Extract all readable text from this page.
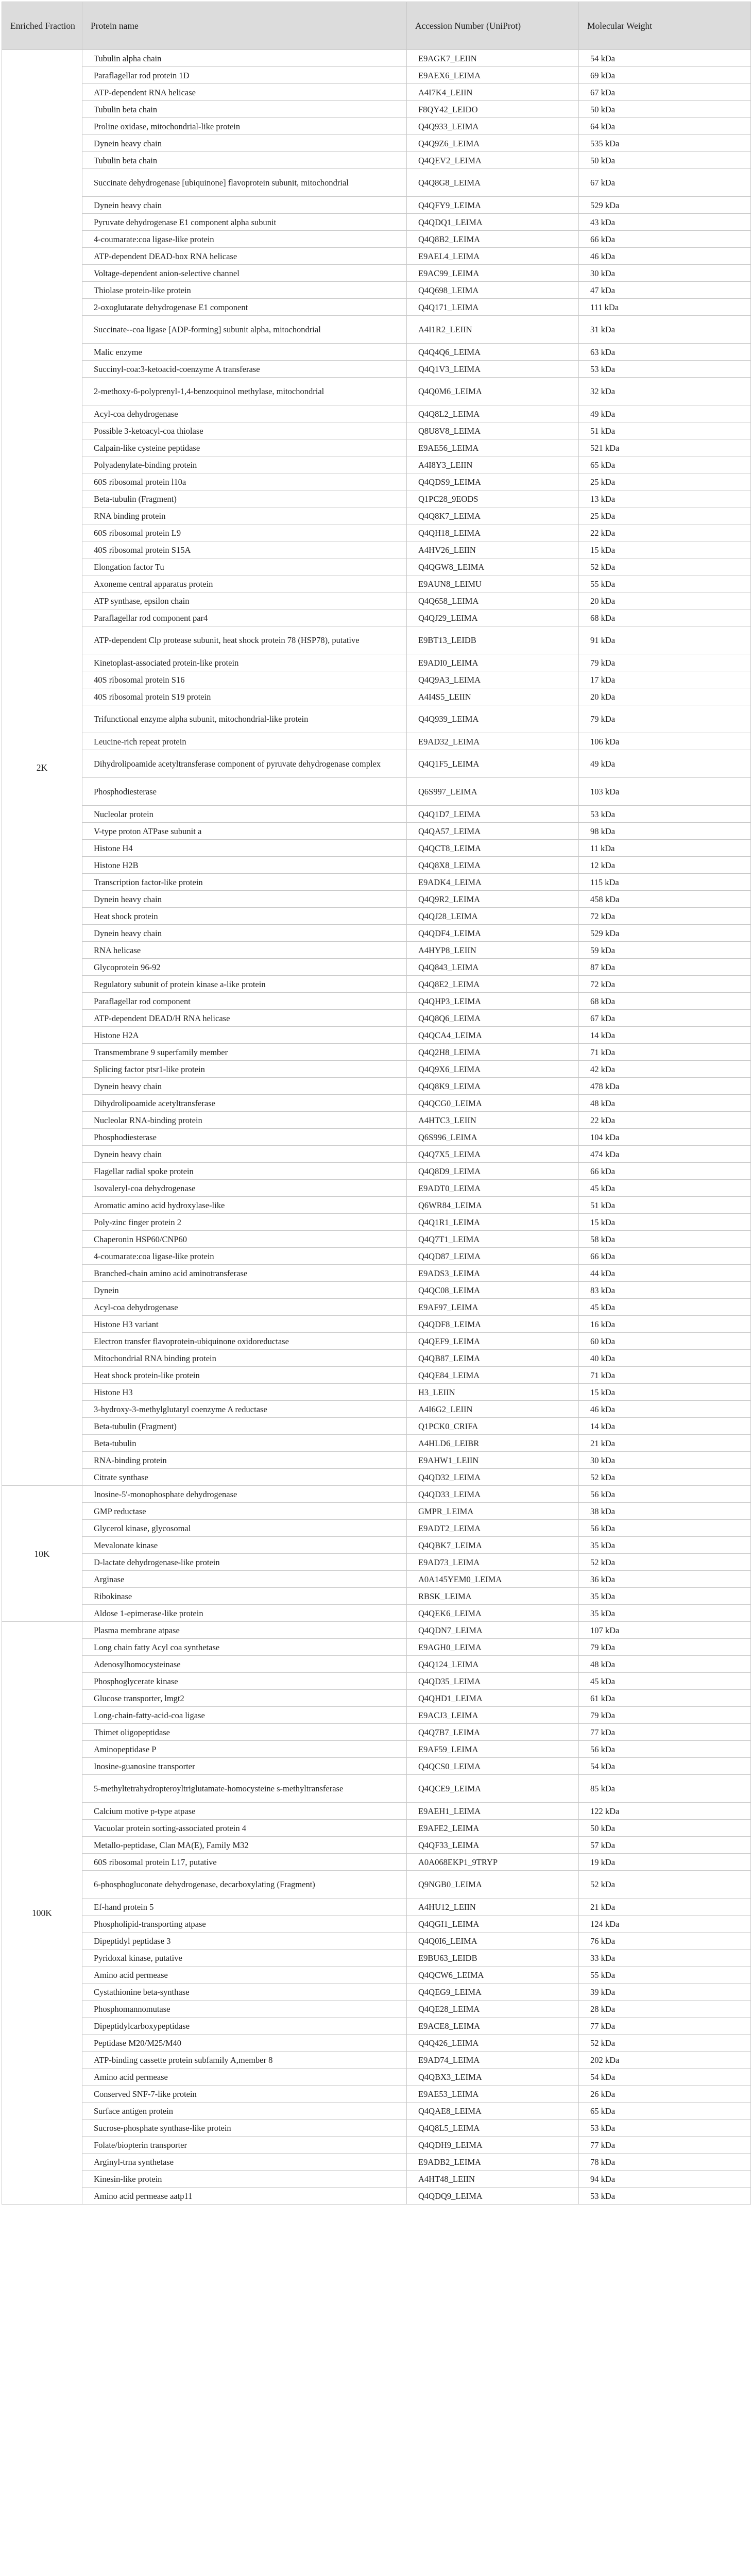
Enriched Fraction	Protein name	Accession Number (UniProt)	Molecular Weight
2K	Tubulin alpha chain	E9AGK7_LEIIN	54 kDa
	Paraflagellar rod protein 1D	E9AEX6_LEIMA	69 kDa
	ATP-dependent RNA helicase	A4I7K4_LEIIN	67 kDa
	Tubulin beta chain	F8QY42_LEIDO	50 kDa
	Proline oxidase, mitochondrial-like protein	Q4Q933_LEIMA	64 kDa
	Dynein heavy chain	Q4Q9Z6_LEIMA	535 kDa
	Tubulin beta chain	Q4QEV2_LEIMA	50 kDa
	Succinate dehydrogenase [ubiquinone] flavoprotein subunit, mitochondrial	Q4Q8G8_LEIMA	67 kDa
	Dynein heavy chain	Q4QFY9_LEIMA	529 kDa
	Pyruvate dehydrogenase E1 component alpha subunit	Q4QDQ1_LEIMA	43 kDa
	4-coumarate:coa ligase-like protein	Q4Q8B2_LEIMA	66 kDa
	ATP-dependent DEAD-box RNA helicase	E9AEL4_LEIMA	46 kDa
	Voltage-dependent anion-selective channel	E9AC99_LEIMA	30 kDa
	Thiolase protein-like protein	Q4Q698_LEIMA	47 kDa
	2-oxoglutarate dehydrogenase E1 component	Q4Q171_LEIMA	111 kDa
	Succinate--coa ligase [ADP-forming] subunit alpha, mitochondrial	A4I1R2_LEIIN	31 kDa
	Malic enzyme	Q4Q4Q6_LEIMA	63 kDa
	Succinyl-coa:3-ketoacid-coenzyme A transferase	Q4Q1V3_LEIMA	53 kDa
	2-methoxy-6-polyprenyl-1,4-benzoquinol methylase, mitochondrial	Q4Q0M6_LEIMA	32 kDa
	Acyl-coa dehydrogenase	Q4Q8L2_LEIMA	49 kDa
	Possible 3-ketoacyl-coa thiolase	Q8U8V8_LEIMA	51 kDa
	Calpain-like cysteine peptidase	E9AE56_LEIMA	521 kDa
	Polyadenylate-binding protein	A4I8Y3_LEIIN	65 kDa
	60S ribosomal protein l10a	Q4QDS9_LEIMA	25 kDa
	Beta-tubulin (Fragment)	Q1PC28_9EODS	13 kDa
	RNA binding protein	Q4Q8K7_LEIMA	25 kDa
	60S ribosomal protein L9	Q4QH18_LEIMA	22 kDa
	40S ribosomal protein S15A	A4HV26_LEIIN	15 kDa
	Elongation factor Tu	Q4QGW8_LEIMA	52 kDa
	Axoneme central apparatus protein	E9AUN8_LEIMU	55 kDa
	ATP synthase, epsilon chain	Q4Q658_LEIMA	20 kDa
	Paraflagellar rod component par4	Q4QJ29_LEIMA	68 kDa
	ATP-dependent Clp protease subunit, heat shock protein 78 (HSP78), putative	E9BT13_LEIDB	91 kDa
	Kinetoplast-associated protein-like protein	E9ADI0_LEIMA	79 kDa
	40S ribosomal protein S16	Q4Q9A3_LEIMA	17 kDa
	40S ribosomal protein S19 protein	A4I4S5_LEIIN	20 kDa
	Trifunctional enzyme alpha subunit, mitochondrial-like protein	Q4Q939_LEIMA	79 kDa
	Leucine-rich repeat protein	E9AD32_LEIMA	106 kDa
	Dihydrolipoamide acetyltransferase component of pyruvate dehydrogenase complex	Q4Q1F5_LEIMA	49 kDa
	Phosphodiesterase	Q6S997_LEIMA	103 kDa
	Nucleolar protein	Q4Q1D7_LEIMA	53 kDa
	V-type proton ATPase subunit a	Q4QA57_LEIMA	98 kDa
	Histone H4	Q4QCT8_LEIMA	11 kDa
	Histone H2B	Q4Q8X8_LEIMA	12 kDa
	Transcription factor-like protein	E9ADK4_LEIMA	115 kDa
	Dynein heavy chain	Q4Q9R2_LEIMA	458 kDa
	Heat shock protein	Q4QJ28_LEIMA	72 kDa
	Dynein heavy chain	Q4QDF4_LEIMA	529 kDa
	RNA helicase	A4HYP8_LEIIN	59 kDa
	Glycoprotein 96-92	Q4Q843_LEIMA	87 kDa
	Regulatory subunit of protein kinase a-like protein	Q4Q8E2_LEIMA	72 kDa
	Paraflagellar rod component	Q4QHP3_LEIMA	68 kDa
	ATP-dependent DEAD/H RNA helicase	Q4Q8Q6_LEIMA	67 kDa
	Histone H2A	Q4QCA4_LEIMA	14 kDa
	Transmembrane 9 superfamily member	Q4Q2H8_LEIMA	71 kDa
	Splicing factor ptsr1-like protein	Q4Q9X6_LEIMA	42 kDa
	Dynein heavy chain	Q4Q8K9_LEIMA	478 kDa
	Dihydrolipoamide acetyltransferase	Q4QCG0_LEIMA	48 kDa
	Nucleolar RNA-binding protein	A4HTC3_LEIIN	22 kDa
	Phosphodiesterase	Q6S996_LEIMA	104 kDa
	Dynein heavy chain	Q4Q7X5_LEIMA	474 kDa
	Flagellar radial spoke protein	Q4Q8D9_LEIMA	66 kDa
	Isovaleryl-coa dehydrogenase	E9ADT0_LEIMA	45 kDa
	Aromatic amino acid hydroxylase-like	Q6WR84_LEIMA	51 kDa
	Poly-zinc finger protein 2	Q4Q1R1_LEIMA	15 kDa
	Chaperonin HSP60/CNP60	Q4Q7T1_LEIMA	58 kDa
	4-coumarate:coa ligase-like protein	Q4QD87_LEIMA	66 kDa
	Branched-chain amino acid aminotransferase	E9ADS3_LEIMA	44 kDa
	Dynein	Q4QC08_LEIMA	83 kDa
	Acyl-coa dehydrogenase	E9AF97_LEIMA	45 kDa
	Histone H3 variant	Q4QDF8_LEIMA	16 kDa
	Electron transfer flavoprotein-ubiquinone oxidoreductase	Q4QEF9_LEIMA	60 kDa
	Mitochondrial RNA binding protein	Q4QB87_LEIMA	40 kDa
	Heat shock protein-like protein	Q4QE84_LEIMA	71 kDa
	Histone H3	H3_LEIIN	15 kDa
	3-hydroxy-3-methylglutaryl coenzyme A reductase	A4I6G2_LEIIN	46 kDa
	Beta-tubulin (Fragment)	Q1PCK0_CRIFA	14 kDa
	Beta-tubulin	A4HLD6_LEIBR	21 kDa
	RNA-binding protein	E9AHW1_LEIIN	30 kDa
	Citrate synthase	Q4QD32_LEIMA	52 kDa
10K	Inosine-5'-monophosphate dehydrogenase	Q4QD33_LEIMA	56 kDa
	GMP reductase	GMPR_LEIMA	38 kDa
	Glycerol kinase, glycosomal	E9ADT2_LEIMA	56 kDa
	Mevalonate kinase	Q4QBK7_LEIMA	35 kDa
	D-lactate dehydrogenase-like protein	E9AD73_LEIMA	52 kDa
	Arginase	A0A145YEM0_LEIMA	36 kDa
	Ribokinase	RBSK_LEIMA	35 kDa
	Aldose 1-epimerase-like protein	Q4QEK6_LEIMA	35 kDa
100K	Plasma membrane atpase	Q4QDN7_LEIMA	107 kDa
	Long chain fatty Acyl coa synthetase	E9AGH0_LEIMA	79 kDa
	Adenosylhomocysteinase	Q4Q124_LEIMA	48 kDa
	Phosphoglycerate kinase	Q4QD35_LEIMA	45 kDa
	Glucose transporter, lmgt2	Q4QHD1_LEIMA	61 kDa
	Long-chain-fatty-acid-coa ligase	E9ACJ3_LEIMA	79 kDa
	Thimet oligopeptidase	Q4Q7B7_LEIMA	77 kDa
	Aminopeptidase P	E9AF59_LEIMA	56 kDa
	Inosine-guanosine transporter	Q4QCS0_LEIMA	54 kDa
	5-methyltetrahydropteroyltriglutamate-homocysteine s-methyltransferase	Q4QCE9_LEIMA	85 kDa
	Calcium motive p-type atpase	E9AEH1_LEIMA	122 kDa
	Vacuolar protein sorting-associated protein 4	E9AFE2_LEIMA	50 kDa
	Metallo-peptidase, Clan MA(E), Family M32	Q4QF33_LEIMA	57 kDa
	60S ribosomal protein L17, putative	A0A068EKP1_9TRYP	19 kDa
	6-phosphogluconate dehydrogenase, decarboxylating (Fragment)	Q9NGB0_LEIMA	52 kDa
	Ef-hand protein 5	A4HU12_LEIIN	21 kDa
	Phospholipid-transporting atpase	Q4QGI1_LEIMA	124 kDa
	Dipeptidyl peptidase 3	Q4Q0I6_LEIMA	76 kDa
	Pyridoxal kinase, putative	E9BU63_LEIDB	33 kDa
	Amino acid permease	Q4QCW6_LEIMA	55 kDa
	Cystathionine beta-synthase	Q4QEG9_LEIMA	39 kDa
	Phosphomannomutase	Q4QE28_LEIMA	28 kDa
	Dipeptidylcarboxypeptidase	E9ACE8_LEIMA	77 kDa
	Peptidase M20/M25/M40	Q4Q426_LEIMA	52 kDa
	ATP-binding cassette protein subfamily A,member 8	E9AD74_LEIMA	202 kDa
	Amino acid permease	Q4QBX3_LEIMA	54 kDa
	Conserved SNF-7-like protein	E9AE53_LEIMA	26 kDa
	Surface antigen protein	Q4QAE8_LEIMA	65 kDa
	Sucrose-phosphate synthase-like protein	Q4Q8L5_LEIMA	53 kDa
	Folate/biopterin transporter	Q4QDH9_LEIMA	77 kDa
	Arginyl-trna synthetase	E9ADB2_LEIMA	78 kDa
	Kinesin-like protein	A4HT48_LEIIN	94 kDa
	Amino acid permease aatp11	Q4QDQ9_LEIMA	53 kDa
